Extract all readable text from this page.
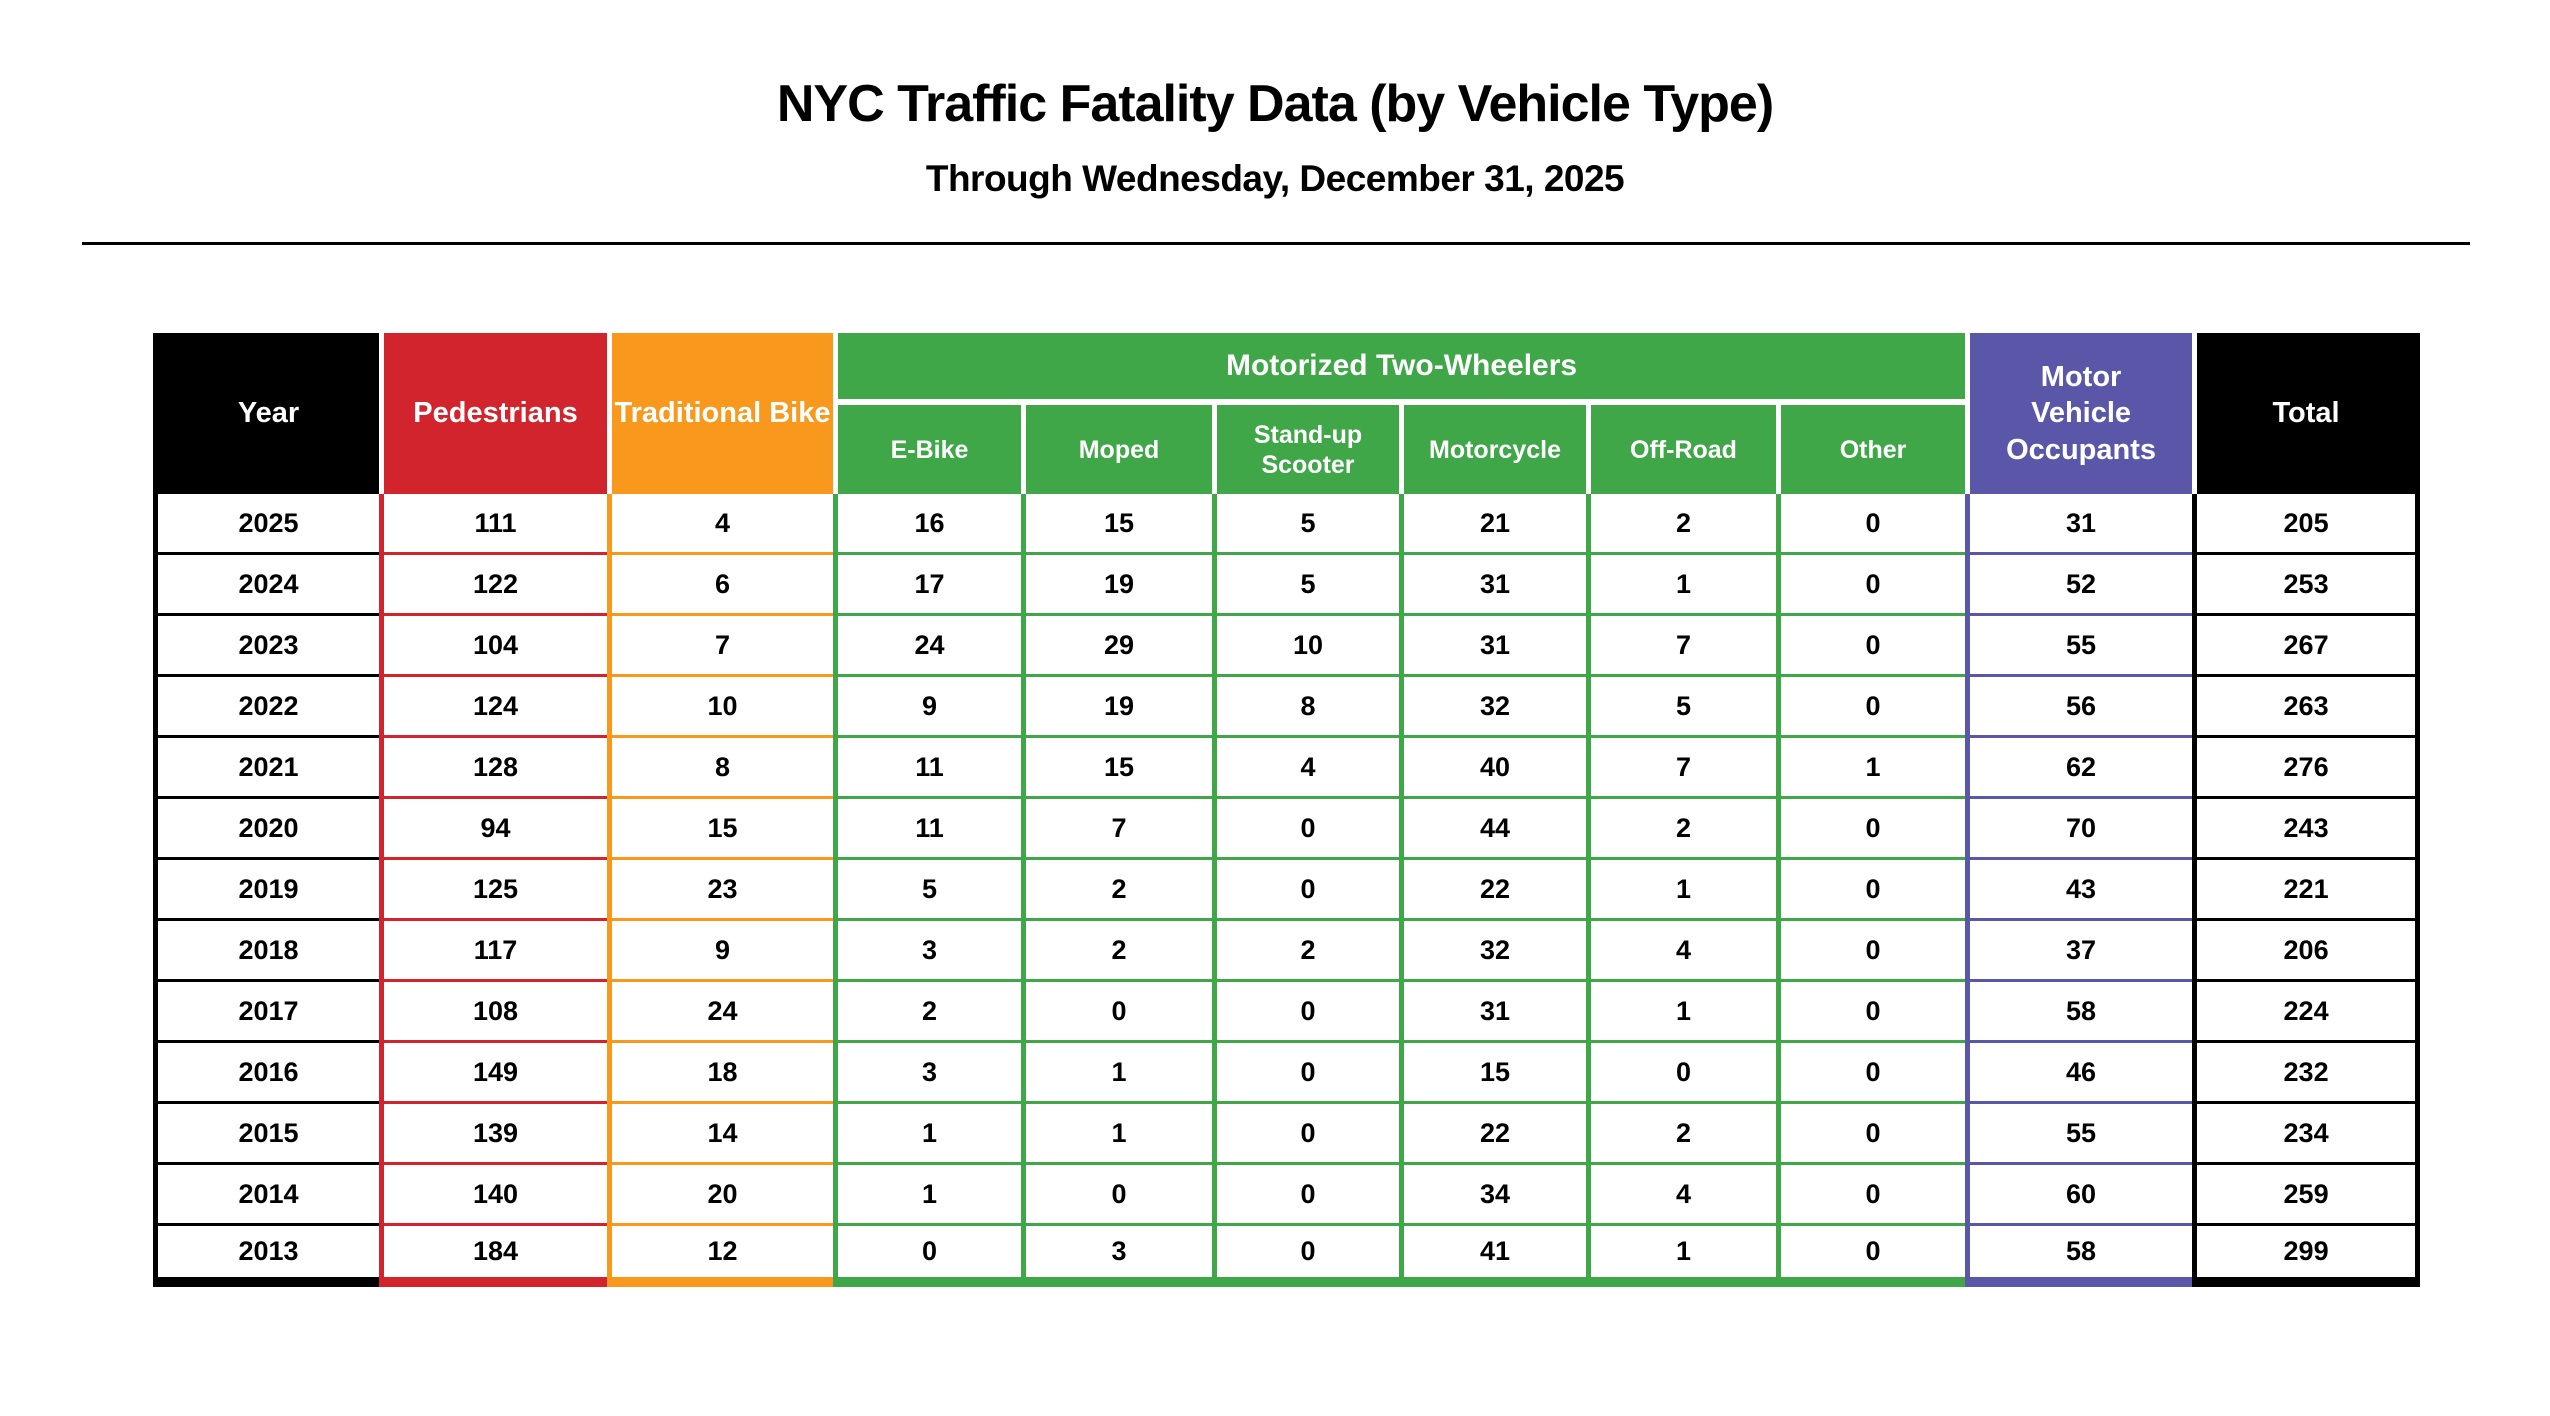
NYC Traffic Fatality Data (by Vehicle Type)
Through Wednesday, December 31, 2025
Year	Pedestrians	Traditional Bike	Motorized Two-Wheelers						Motor Vehicle Occupants	Total
			E-Bike	Moped	Stand-up Scooter	Motorcycle	Off-Road	Other		
2025	111	4	16	15	5	21	2	0	31	205
2024	122	6	17	19	5	31	1	0	52	253
2023	104	7	24	29	10	31	7	0	55	267
2022	124	10	9	19	8	32	5	0	56	263
2021	128	8	11	15	4	40	7	1	62	276
2020	94	15	11	7	0	44	2	0	70	243
2019	125	23	5	2	0	22	1	0	43	221
2018	117	9	3	2	2	32	4	0	37	206
2017	108	24	2	0	0	31	1	0	58	224
2016	149	18	3	1	0	15	0	0	46	232
2015	139	14	1	1	0	22	2	0	55	234
2014	140	20	1	0	0	34	4	0	60	259
2013	184	12	0	3	0	41	1	0	58	299
